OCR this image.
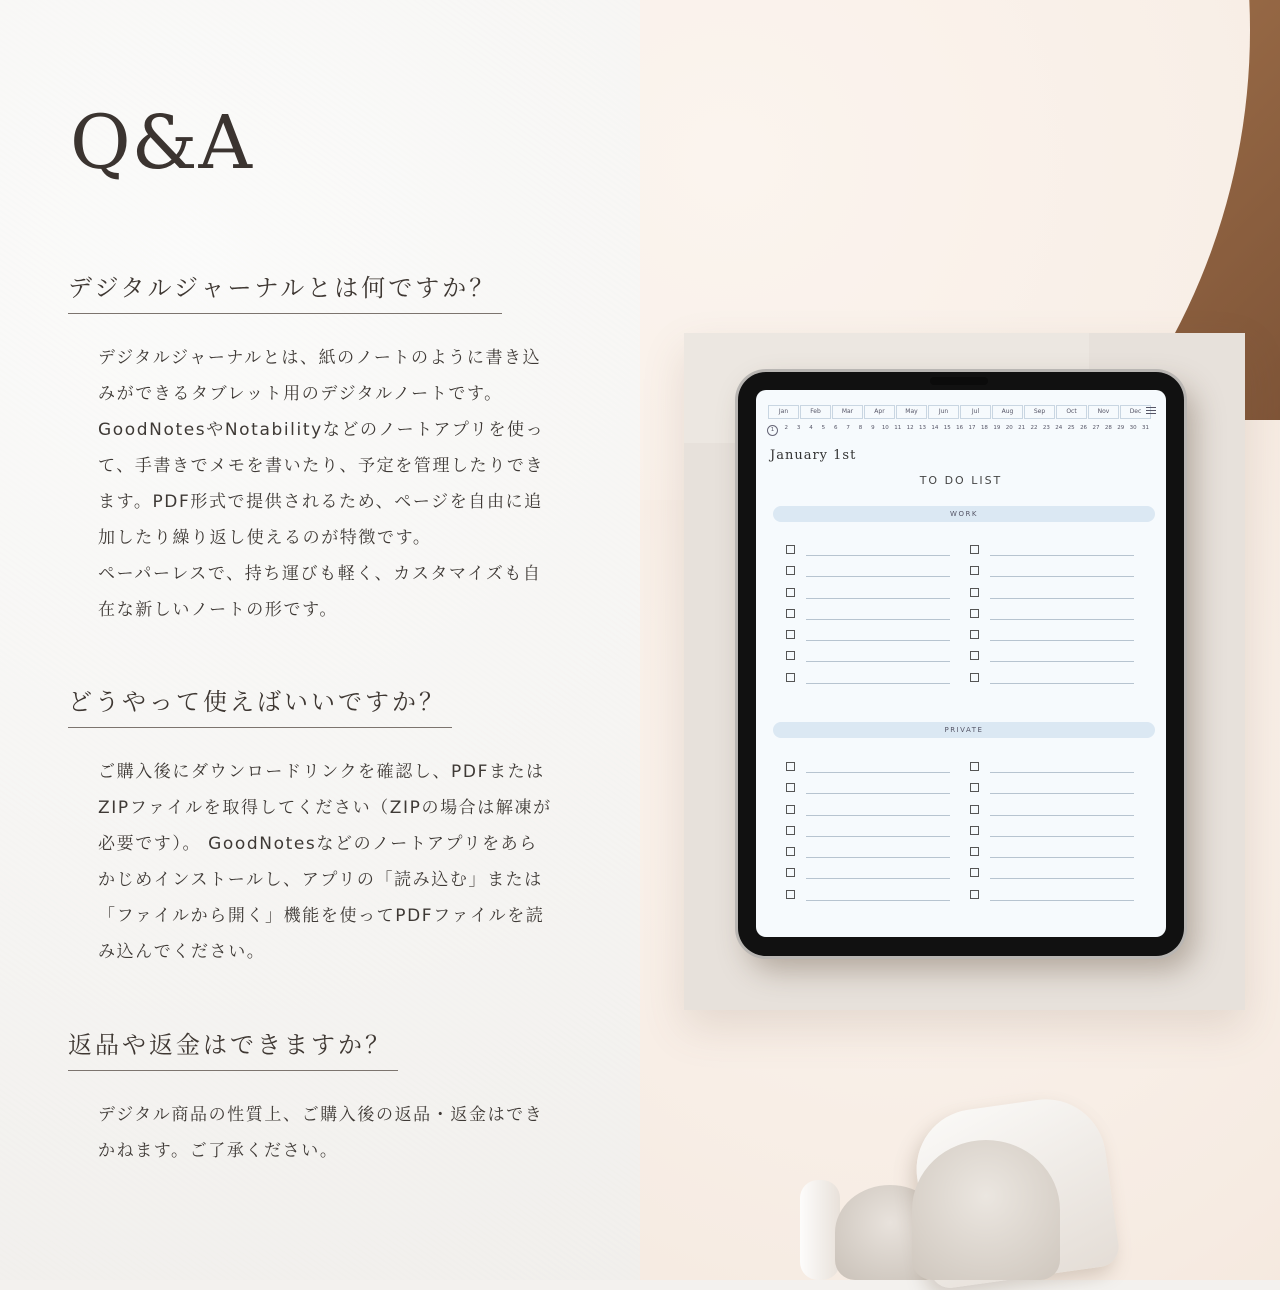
Q&A
デジタルジャーナルとは何ですか？

デジタルジャーナルとは、紙のノートのように書き込

みができるタブレット用のデジタルノートです。

GoodNotesやNotabilityなどのノートアプリを使っ

て、手書きでメモを書いたり、予定を管理したりでき

ます。PDF形式で提供されるため、ページを自由に追

加したり繰り返し使えるのが特徴です。

ペーパーレスで、持ち運びも軽く、カスタマイズも自

在な新しいノートの形です。

どうやって使えばいいですか？

ご購入後にダウンロードリンクを確認し、PDFまたは

ZIPファイルを取得してください（ZIPの場合は解凍が

必要です）。 GoodNotesなどのノートアプリをあら

かじめインストールし、アプリの「読み込む」または

「ファイルから開く」機能を使ってPDFファイルを読

み込んでください。

返品や返金はできますか？

デジタル商品の性質上、ご購入後の返品・返金はでき

かねます。ご了承ください。

Jan	Feb	Mar	Apr	May	Jun	Jul	Aug	Sep	Oct	Nov	Dec
1	2	3	4	5	6	7	8	9	10 11 12 13 14 15 16 17 18 19 20 21 22 23 24 25 26 27 28 29 30 31
January 1st
TO DO LIST
WORK
PRIVATE
